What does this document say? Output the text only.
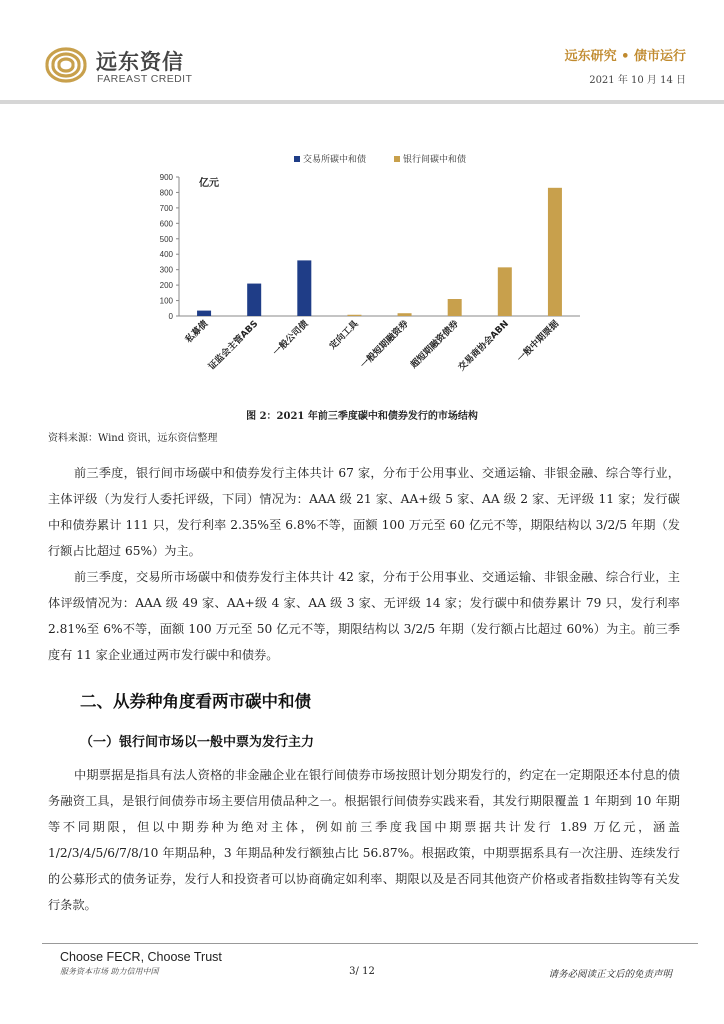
远东资信
FAREAST CREDIT
远东研究 • 债市运行
2021 年 10 月 14 日
交易所碳中和债	银行间碳中和债
0
100
200
300
400
500
600
700
800
900
私募债
证监会主管ABS 一般公司债 定向工具
一般短期融资券
超短期融资债券
交易商协会ABN 一般中期票据
亿元
图 2：2021 年前三季度碳中和债券发行的市场结构
资料来源：Wind 资讯，远东资信整理

前三季度，银行间市场碳中和债券发行主体共计 67 家，分布于公用事业、交通运输、非银金融、综合等行业，主体评级（为发行人委托评级，下同）情况为：AAA 级 21 家、AA+级 5 家、AA 级 2 家、无评级 11 家；发行碳中和债券累计 111 只，发行利率 2.35%至 6.8%不等，面额 100 万元至 60 亿元不等，期限结构以 3/2/5 年期（发行额占比超过 65%）为主。

前三季度，交易所市场碳中和债券发行主体共计 42 家，分布于公用事业、交通运输、非银金融、综合行业，主体评级情况为：AAA 级 49 家、AA+级 4 家、AA 级 3 家、无评级 14 家；发行碳中和债券累计 79 只，发行利率 2.81%至 6%不等，面额 100 万元至 50 亿元不等，期限结构以 3/2/5 年期（发行额占比超过 60%）为主。前三季度有 11 家企业通过两市发行碳中和债券。

二、从券种角度看两市碳中和债
（一）银行间市场以一般中票为发行主力

中期票据是指具有法人资格的非金融企业在银行间债券市场按照计划分期发行的，约定在一定期限还本付息的债务融资工具，是银行间债券市场主要信用债品种之一。根据银行间债券实践来看，其发行期限覆盖 1 年期到 10 年期等不同期限，但以中期券种为绝对主体，例如前三季度我国中期票据共计发行 1.89 万亿元，涵盖 1/2/3/4/5/6/7/8/10 年期品种，3 年期品种发行额独占比 56.87%。根据政策，中期票据系具有一次注册、连续发行的公募形式的债务证券，发行人和投资者可以协商确定如利率、期限以及是否同其他资产价格或者指数挂钩等有关发行条款。

Choose FECR, Choose Trust
服务资本市场 助力信用中国	3/ 12	请务必阅读正文后的免责声明
